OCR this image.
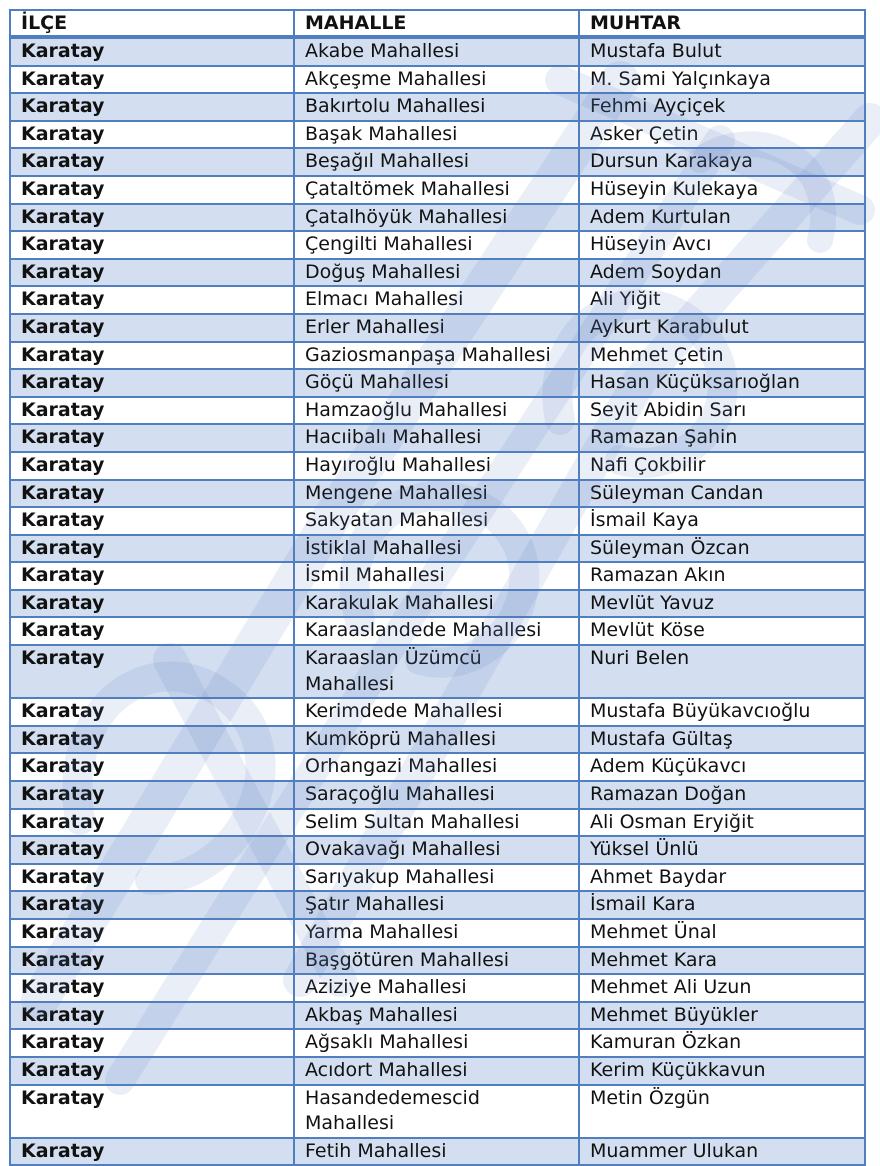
İLÇE	MAHALLE	MUHTAR
Karatay	Akabe Mahallesi	Mustafa Bulut
Karatay	Akçeşme Mahallesi	M. Sami Yalçınkaya
Karatay	Bakırtolu Mahallesi	Fehmi Ayçiçek
Karatay	Başak Mahallesi	Asker Çetin
Karatay	Beşağıl Mahallesi	Dursun Karakaya
Karatay	Çataltömek Mahallesi	Hüseyin Kulekaya
Karatay	Çatalhöyük Mahallesi	Adem Kurtulan
Karatay	Çengilti Mahallesi	Hüseyin Avcı
Karatay	Doğuş Mahallesi	Adem Soydan
Karatay	Elmacı Mahallesi	Ali Yiğit
Karatay	Erler Mahallesi	Aykurt Karabulut
Karatay	Gaziosmanpaşa Mahallesi	Mehmet Çetin
Karatay	Göçü Mahallesi	Hasan Küçüksarıoğlan
Karatay	Hamzaoğlu Mahallesi	Seyit Abidin Sarı
Karatay	Hacıibalı Mahallesi	Ramazan Şahin
Karatay	Hayıroğlu Mahallesi	Nafi Çokbilir
Karatay	Mengene Mahallesi	Süleyman Candan
Karatay	Sakyatan Mahallesi	İsmail Kaya
Karatay	İstiklal Mahallesi	Süleyman Özcan
Karatay	İsmil Mahallesi	Ramazan Akın
Karatay	Karakulak Mahallesi	Mevlüt Yavuz
Karatay	Karaaslandede Mahallesi	Mevlüt Köse
Karatay	Karaaslan Üzümcü Mahallesi	Nuri Belen
Karatay	Kerimdede Mahallesi	Mustafa Büyükavcıoğlu
Karatay	Kumköprü Mahallesi	Mustafa Gültaş
Karatay	Orhangazi Mahallesi	Adem Küçükavcı
Karatay	Saraçoğlu Mahallesi	Ramazan Doğan
Karatay	Selim Sultan Mahallesi	Ali Osman Eryiğit
Karatay	Ovakavağı Mahallesi	Yüksel Ünlü
Karatay	Sarıyakup Mahallesi	Ahmet Baydar
Karatay	Şatır Mahallesi	İsmail Kara
Karatay	Yarma Mahallesi	Mehmet Ünal
Karatay	Başgötüren Mahallesi	Mehmet Kara
Karatay	Aziziye Mahallesi	Mehmet Ali Uzun
Karatay	Akbaş Mahallesi	Mehmet Büyükler
Karatay	Ağsaklı Mahallesi	Kamuran Özkan
Karatay	Acıdort Mahallesi	Kerim Küçükkavun
Karatay	Hasandedemescid Mahallesi	Metin Özgün
Karatay	Fetih Mahallesi	Muammer Ulukan
